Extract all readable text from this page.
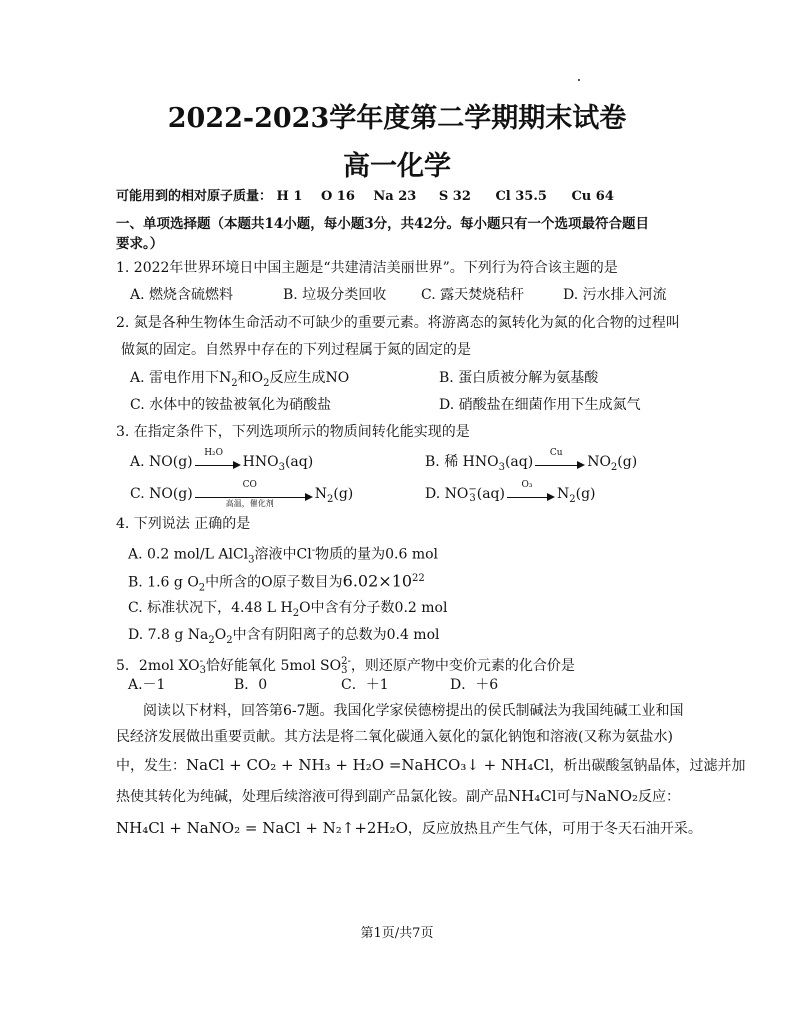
2022-2023学年度第二学期期末试卷
高一化学
可能用到的相对原子质量： H 1 O 16 Na 23 S 32 Cl 35.5 Cu 64
一、单项选择题（本题共14小题，每小题3分，共42分。每小题只有一个选项最符合题目
要求。）
1. 2022年世界环境日中国主题是“共建清洁美丽世界”。下列行为符合该主题的是
A. 燃烧含硫燃料	B. 垃圾分类回收 C. 露天焚烧秸秆	D. 污水排入河流
2. 氮是各种生物体生命活动不可缺少的重要元素。将游离态的氮转化为氮的化合物的过程叫
做氮的固定。自然界中存在的下列过程属于氮的固定的是
A. 雷电作用下$N_2$和$O_2$反应生成NO	B. 蛋白质被分解为氨基酸
C. 水体中的铵盐被氧化为硝酸盐	D. 硝酸盐在细菌作用下生成氮气
3. 在指定条件下，下列选项所示的物质间转化能实现的是
A. NO(g)
H₂O
$HNO_3(aq)$	B. 稀 $HNO_3(aq)$
Cu
$NO_2(g)$
C. NO(g)
CO
高温，催化剂
$N_2(g)$	D. NO −
3 (aq)
O₃
$N_2(g)$
4. 下列说法 正确的是
A. 0.2 mol/L AlCl$_3$溶液中Cl-物质的量为0.6 mol
B. 1.6 g $O_2$中所含的O原子数目为$6.02\times 10^{22}$
C. 标准状况下，4.48 L $H_2O$中含有分子数0.2 mol
D. 7.8 g $Na_2O_2$中含有阴阳离子的总数为0.4 mol
5．2mol XO -
3 恰好能氧化 5mol SO 2-
3 ，则还原产物中变价元素的化合价是
A.－1	B．0	C．＋1	D．＋6
阅读以下材料，回答第6-7题。我国化学家侯德榜提出的侯氏制碱法为我国纯碱工业和国
民经济发展做出重要贡献。其方法是将二氧化碳通入氨化的氯化钠饱和溶液(又称为氨盐水)
中，发生：NaCl + CO₂ + NH₃ + H₂O =NaHCO₃↓ + NH₄Cl，析出碳酸氢钠晶体，过滤并加
热使其转化为纯碱，处理后续溶液可得到副产品氯化铵。副产品NH₄Cl可与NaNO₂反应：
NH₄Cl + NaNO₂ = NaCl + N₂↑+2H₂O，反应放热且产生气体，可用于冬天石油开采。
第1页/共7页
